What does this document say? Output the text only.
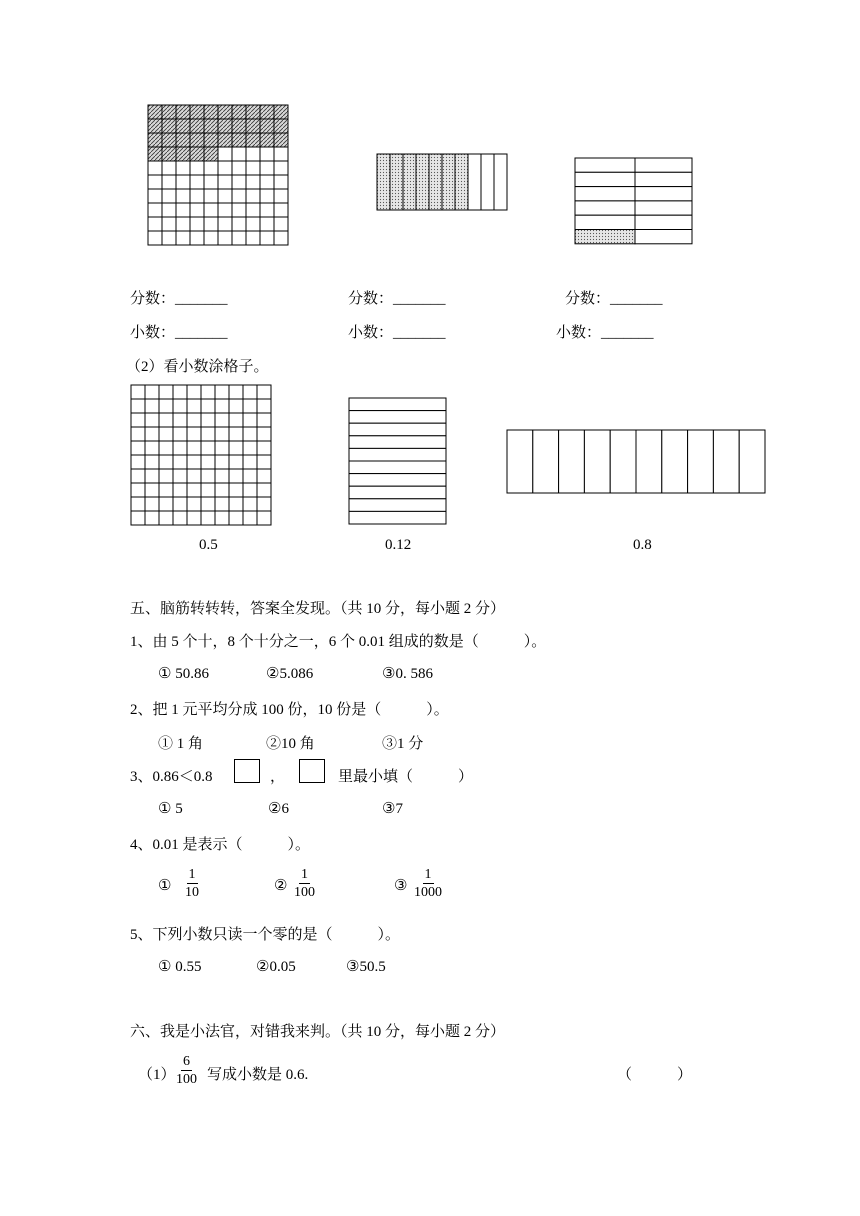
分数：_______	分数：_______	分数：_______
小数：_______	小数：_______	小数：_______
（2）看小数涂格子。
0.5	0.12	0.8
五、脑筋转转转，答案全发现。（共 10 分，每小题 2 分）
1、由 5 个十，8 个十分之一，6 个 0.01 组成的数是（　　　）。
① 50.86	②5.086	③0. 586
2、把 1 元平均分成 100 份，10 份是（　　　）。
① 1 角	②10 角	③1 分
3、0.86＜0.8	，	里最小填（　　　）
① 5	②6	③7
4、0.01 是表示（　　　）。
① $\frac{1}{10}$	② $\frac{1}{100}$	③ $\frac{1}{1000}$
5、下列小数只读一个零的是（　　　）。
① 0.55	②0.05	③50.5
六、我是小法官，对错我来判。（共 10 分，每小题 2 分）
（1）
$\frac{6}{100}$ 写成小数是 0.6.	（　　　）
